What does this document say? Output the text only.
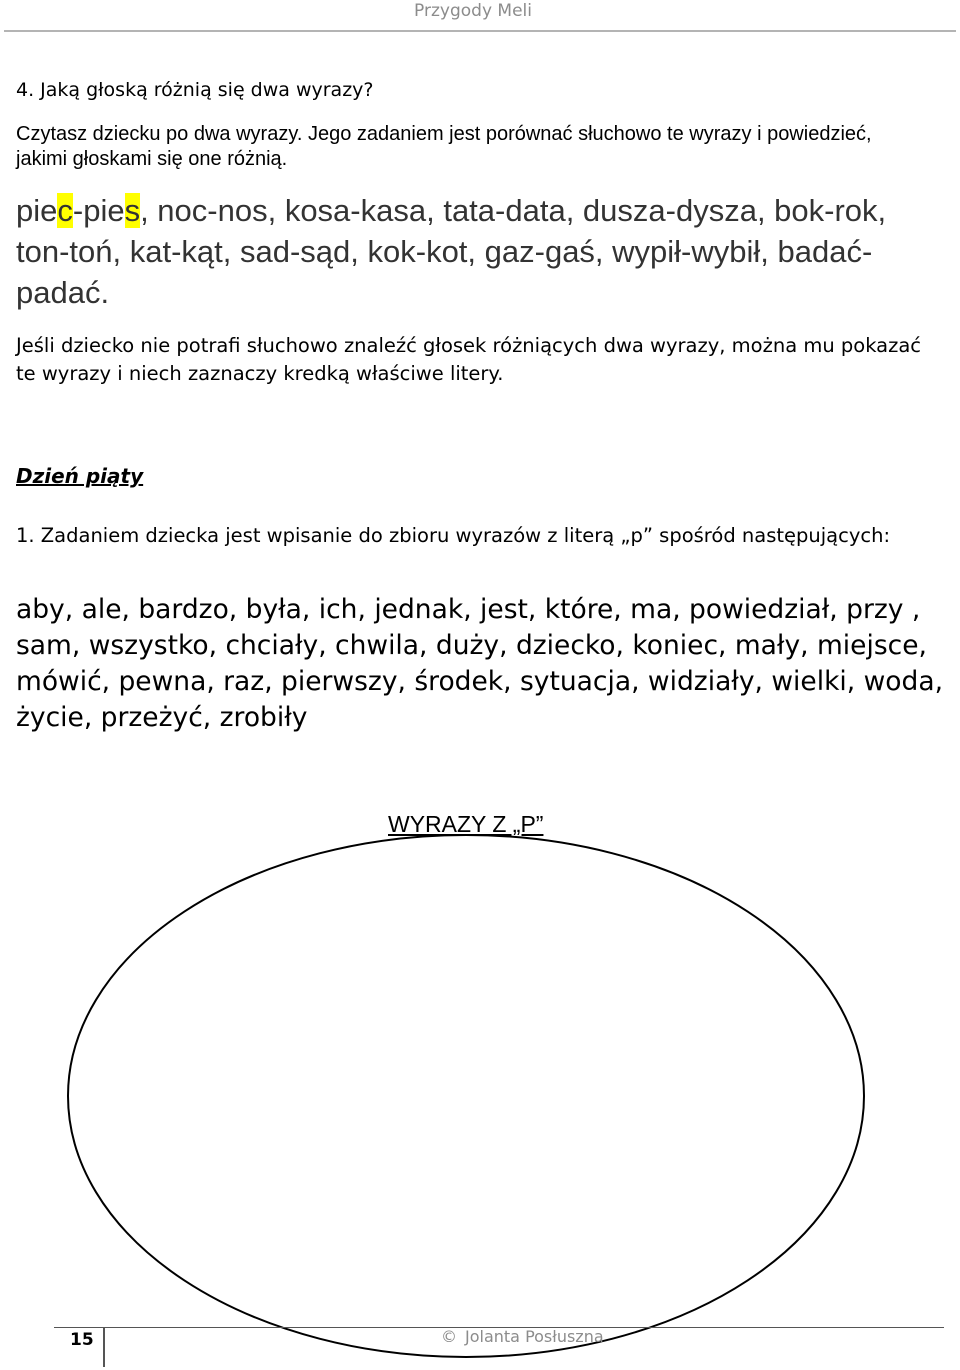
Przygody Meli
4. Jaką głoską różnią się dwa wyrazy?
Czytasz dziecku po dwa wyrazy. Jego zadaniem jest porównać słuchowo te wyrazy i powiedzieć, jakimi głoskami się one różnią.
piec-pies, noc-nos, kosa-kasa, tata-data, dusza-dysza, bok-rok, ton-toń, kat-kąt, sad-sąd, kok-kot, gaz-gaś, wypił-wybił, badać-padać.
Jeśli dziecko nie potrafi słuchowo znaleźć głosek różniących dwa wyrazy, można mu pokazać te wyrazy i niech zaznaczy kredką właściwe litery.
Dzień piąty
1. Zadaniem dziecka jest wpisanie do zbioru wyrazów z literą „p” spośród następujących:
aby, ale, bardzo, była, ich, jednak, jest, które, ma, powiedział, przy , sam, wszystko, chciały, chwila, duży, dziecko, koniec, mały, miejsce, mówić, pewna, raz, pierwszy, środek, sytuacja, widziały, wielki, woda, życie, przeżyć, zrobiły
WYRAZY Z „P”
15	© Jolanta Posłuszna
